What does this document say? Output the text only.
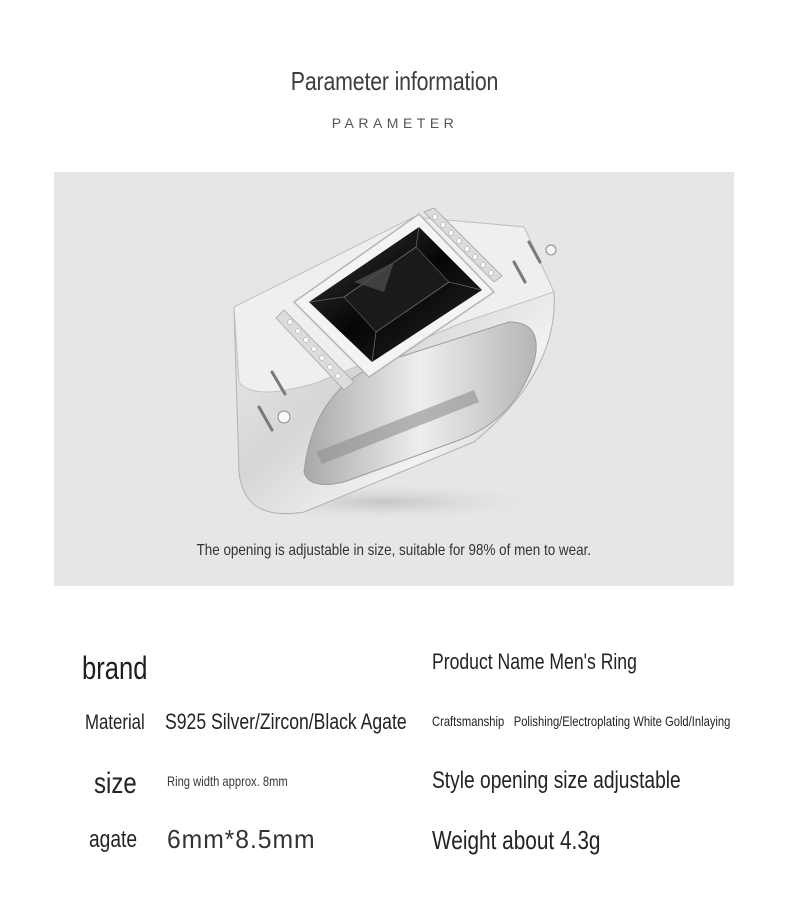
Parameter information
PARAMETER
The opening is adjustable in size, suitable for 98% of men to wear.
brand
Material S925 Silver/Zircon/Black Agate
size	Ring width approx. 8mm
agate	6mm*8.5mm
Product Name Men's Ring
Craftsmanship Polishing/Electroplating White Gold/Inlaying
Style opening size adjustable
Weight about 4.3g
